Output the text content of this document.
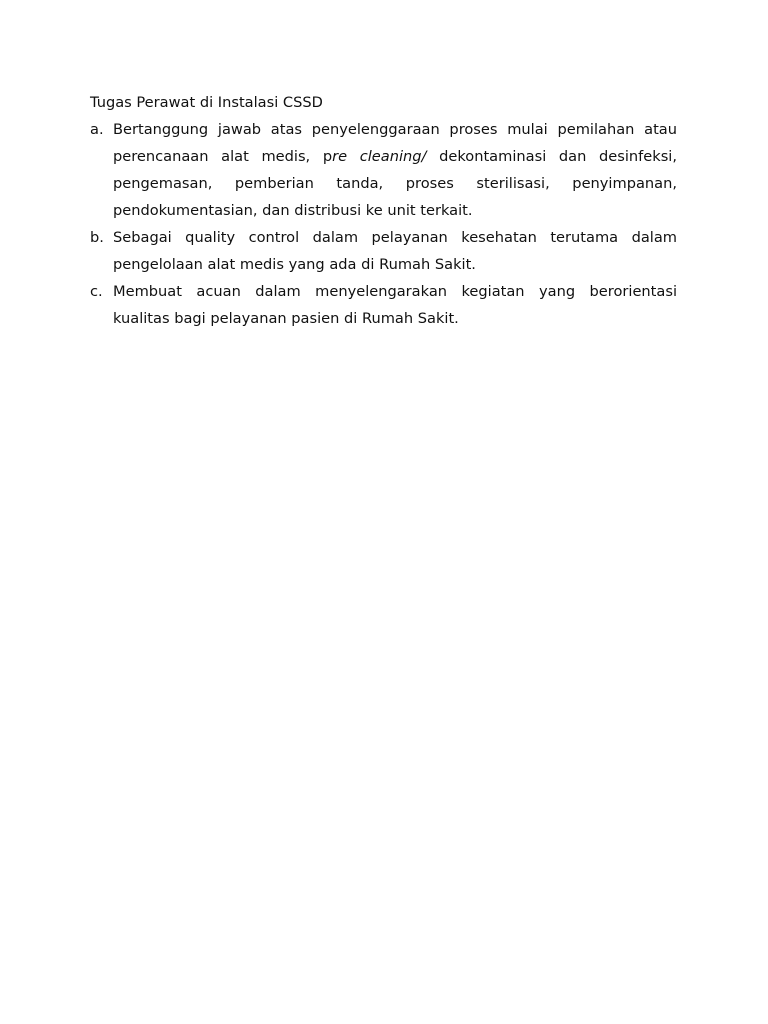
Tugas Perawat di Instalasi CSSD

a. Bertanggung jawab atas penyelenggaraan proses mulai pemilahan atau perencanaan alat medis, pre cleaning/ dekontaminasi dan desinfeksi, pengemasan, pemberian tanda, proses sterilisasi, penyimpanan, pendokumentasian, dan distribusi ke unit terkait.
b. Sebagai quality control dalam pelayanan kesehatan terutama dalam pengelolaan alat medis yang ada di Rumah Sakit.
c. Membuat acuan dalam menyelengarakan kegiatan yang berorientasi kualitas bagi pelayanan pasien di Rumah Sakit.
